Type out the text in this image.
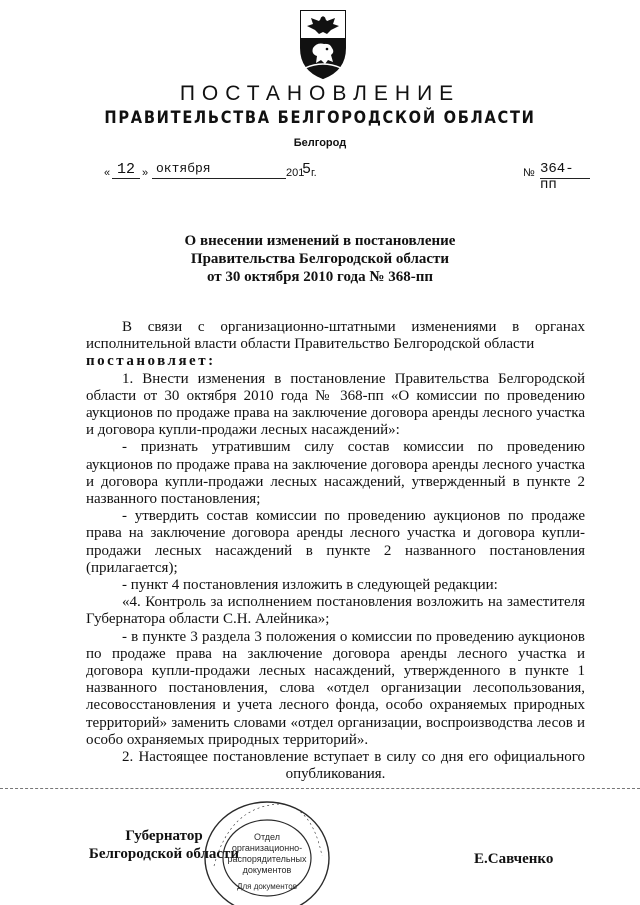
ПОСТАНОВЛЕНИЕ
ПРАВИТЕЛЬСТВА БЕЛГОРОДСКОЙ ОБЛАСТИ
Белгород
« 12 » октября	201
5 г.	№ 364-пп
О внесении изменений в постановление
Правительства Белгородской области
от 30 октября 2010 года № 368-пп

В связи с организационно-штатными изменениями в органах исполнительной власти области Правительство Белгородской области

постановляет:

1. Внести изменения в постановление Правительства Белгородской области от 30 октября 2010 года № 368-пп «О комиссии по проведению аукционов по продаже права на заключение договора аренды лесного участка и договора купли-продажи лесных насаждений»:

- признать утратившим силу состав комиссии по проведению аукционов по продаже права на заключение договора аренды лесного участка и договора купли-продажи лесных насаждений, утвержденный в пункте 2 названного постановления;

- утвердить состав комиссии по проведению аукционов по продаже права на заключение договора аренды лесного участка и договора купли-продажи лесных насаждений в пункте 2 названного постановления (прилагается);

- пункт 4 постановления изложить в следующей редакции:

«4. Контроль за исполнением постановления возложить на заместителя Губернатора области С.Н. Алейника»;

- в пункте 3 раздела 3 положения о комиссии по проведению аукционов по продаже права на заключение договора аренды лесного участка и договора купли-продажи лесных насаждений, утвержденного в пункте 1 названного постановления, слова «отдел организации лесопользования, лесовосстановления и учета лесного фонда, особо охраняемых природных территорий» заменить словами «отдел организации, воспроизводства лесов и особо охраняемых природных территорий».

2. Настоящее постановление вступает в силу со дня его официального опубликования.

Губернатор
Белгородской области
Отдел
организационно-
распорядительных
документов
Для документов
Е.Савченко
